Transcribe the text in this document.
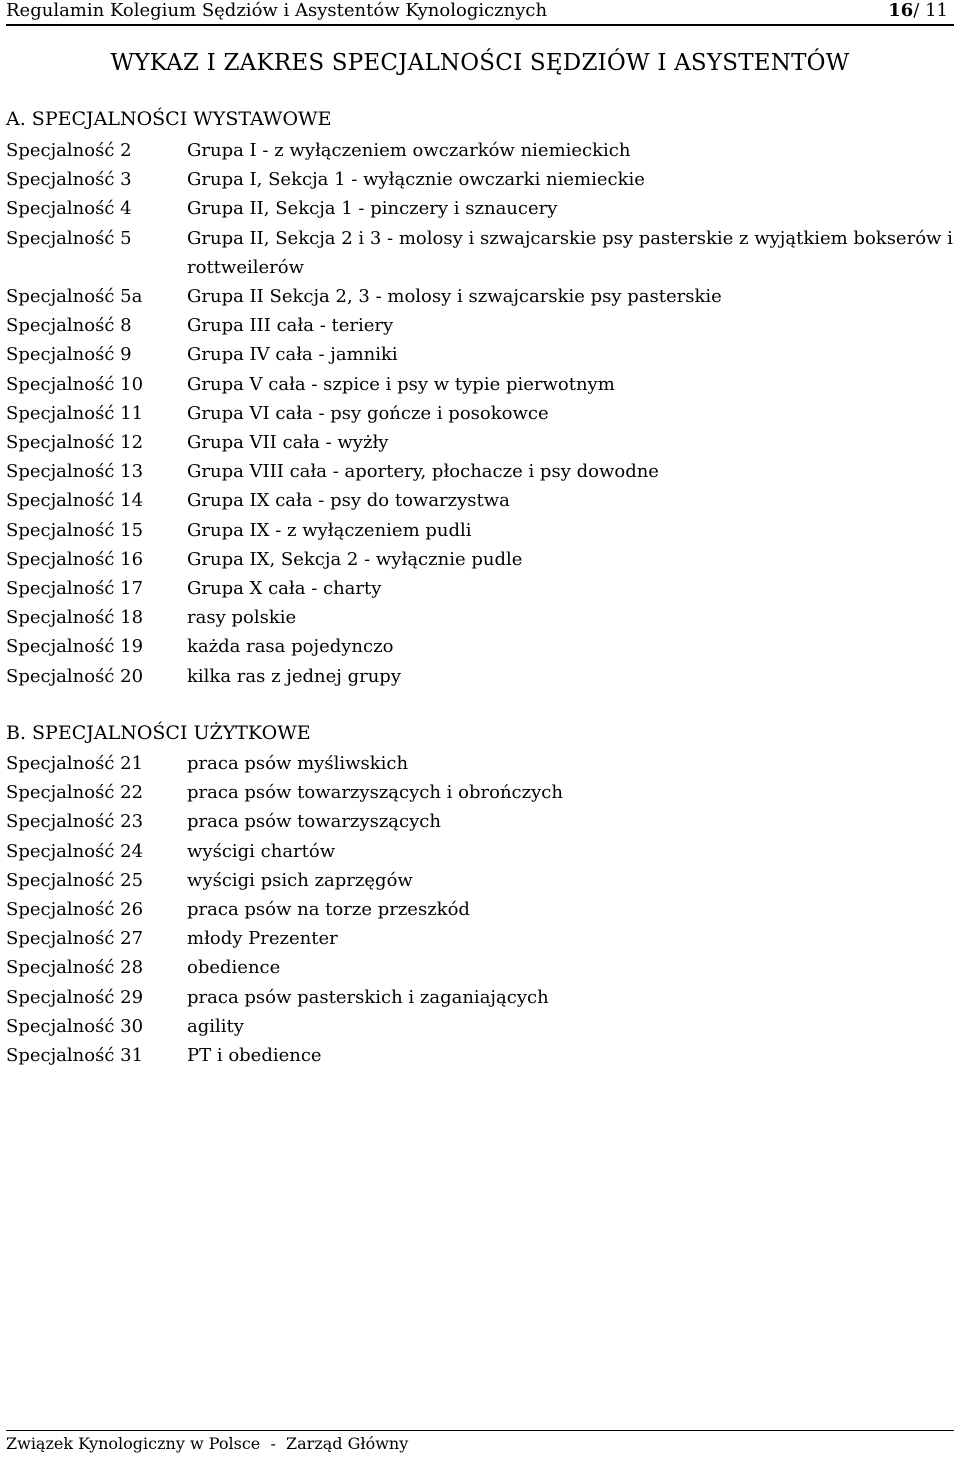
Regulamin Kolegium Sędziów i Asystentów Kynologicznych	16/ 11
WYKAZ I ZAKRES SPECJALNOŚCI SĘDZIÓW I ASYSTENTÓW
A. SPECJALNOŚCI WYSTAWOWE
Specjalność 2	Grupa I - z wyłączeniem owczarków niemieckich
Specjalność 3	Grupa I, Sekcja 1 - wyłącznie owczarki niemieckie
Specjalność 4	Grupa II, Sekcja 1 - pinczery i sznaucery
Specjalność 5	Grupa II, Sekcja 2 i 3 - molosy i szwajcarskie psy pasterskie z wyjątkiem bokserów i rottweilerów
Specjalność 5a	Grupa II Sekcja 2, 3 - molosy i szwajcarskie psy pasterskie
Specjalność 8	Grupa III cała - teriery
Specjalność 9	Grupa IV cała - jamniki
Specjalność 10	Grupa V cała - szpice i psy w typie pierwotnym
Specjalność 11	Grupa VI cała - psy gończe i posokowce
Specjalność 12	Grupa VII cała - wyżły
Specjalność 13	Grupa VIII cała - aportery, płochacze i psy dowodne
Specjalność 14	Grupa IX cała - psy do towarzystwa
Specjalność 15	Grupa IX - z wyłączeniem pudli
Specjalność 16	Grupa IX, Sekcja 2 - wyłącznie pudle
Specjalność 17	Grupa X cała - charty
Specjalność 18	rasy polskie
Specjalność 19	każda rasa pojedynczo
Specjalność 20	kilka ras z jednej grupy
B. SPECJALNOŚCI UŻYTKOWE
Specjalność 21	praca psów myśliwskich
Specjalność 22	praca psów towarzyszących i obrończych
Specjalność 23	praca psów towarzyszących
Specjalność 24	wyścigi chartów
Specjalność 25	wyścigi psich zaprzęgów
Specjalność 26	praca psów na torze przeszkód
Specjalność 27	młody Prezenter
Specjalność 28	obedience
Specjalność 29	praca psów pasterskich i zaganiających
Specjalność 30	agility
Specjalność 31	PT i obedience
Związek Kynologiczny w Polsce  -  Zarząd Główny
